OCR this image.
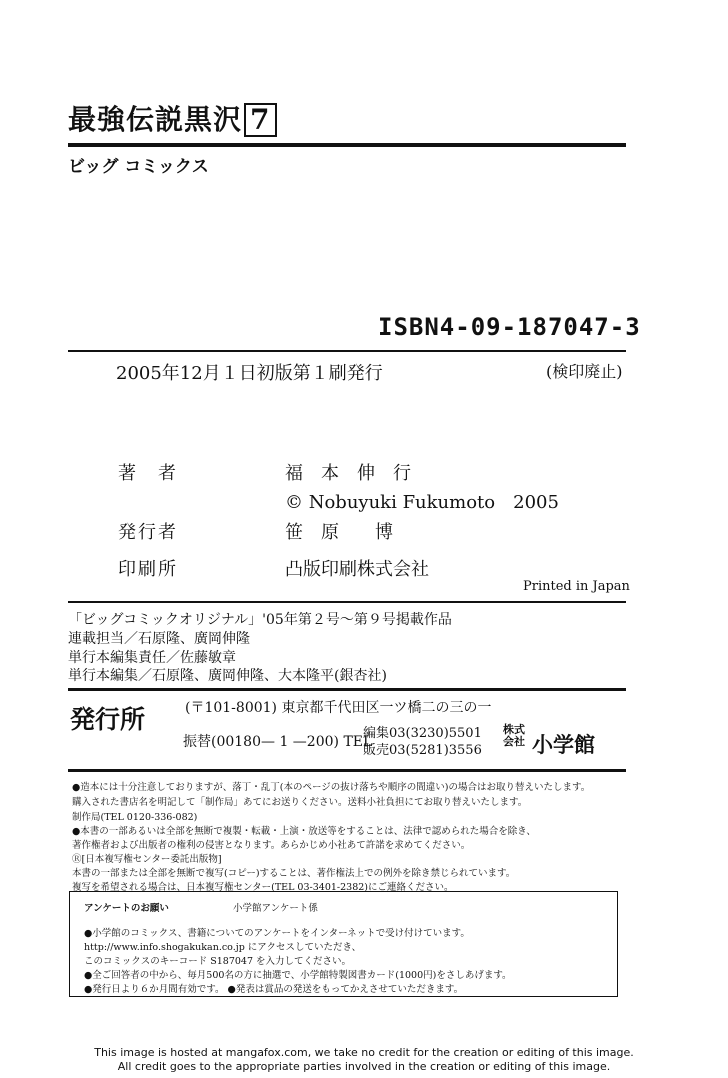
最強伝説黒沢 7
ビッグ コミックス
ISBN4-09-187047-3
2005年12月１日初版第１刷発行	(検印廃止)
著　者	福　本　伸　行
© Nobuyuki Fukumoto　2005
発行者	笹　原　　博
印刷所	凸版印刷株式会社
Printed in Japan
「ビッグコミックオリジナル」'05年第２号～第９号掲載作品
連載担当／石原隆、廣岡伸隆
単行本編集責任／佐藤敏章
単行本編集／石原隆、廣岡伸隆、大本隆平(銀杏社)
発行所	(〒101-8001) 東京都千代田区一ツ橋二の三の一
振替(00180— 1 —200) TEL
編集03(3230)5501
販売03(5281)3556
株式会社 小学館
●造本には十分注意しておりますが、落丁・乱丁(本のページの抜け落ちや順序の間違い)の場合はお取り替えいたします。
購入された書店名を明記して「制作局」あてにお送りください。送料小社負担にてお取り替えいたします。
制作局(TEL 0120-336-082)
●本書の一部あるいは全部を無断で複製・転載・上演・放送等をすることは、法律で認められた場合を除き、
著作権者および出版者の権利の侵害となります。あらかじめ小社あて許諾を求めてください。
Ⓡ[日本複写権センター委託出版物]
本書の一部または全部を無断で複写(コピー)することは、著作権法上での例外を除き禁じられています。
複写を希望される場合は、日本複写権センター(TEL 03-3401-2382)にご連絡ください。
アンケートのお願い	小学館アンケート係
●小学館のコミックス、書籍についてのアンケートをインターネットで受け付けています。
http://www.info.shogakukan.co.jp にアクセスしていただき、
このコミックスのキーコード S187047 を入力してください。
●全ご回答者の中から、毎月500名の方に抽選で、小学館特製図書カード(1000円)をさしあげます。
●発行日より６か月間有効です。 ●発表は賞品の発送をもってかえさせていただきます。
This image is hosted at mangafox.com, we take no credit for the creation or editing of this image.
All credit goes to the appropriate parties involved in the creation or editing of this image.
